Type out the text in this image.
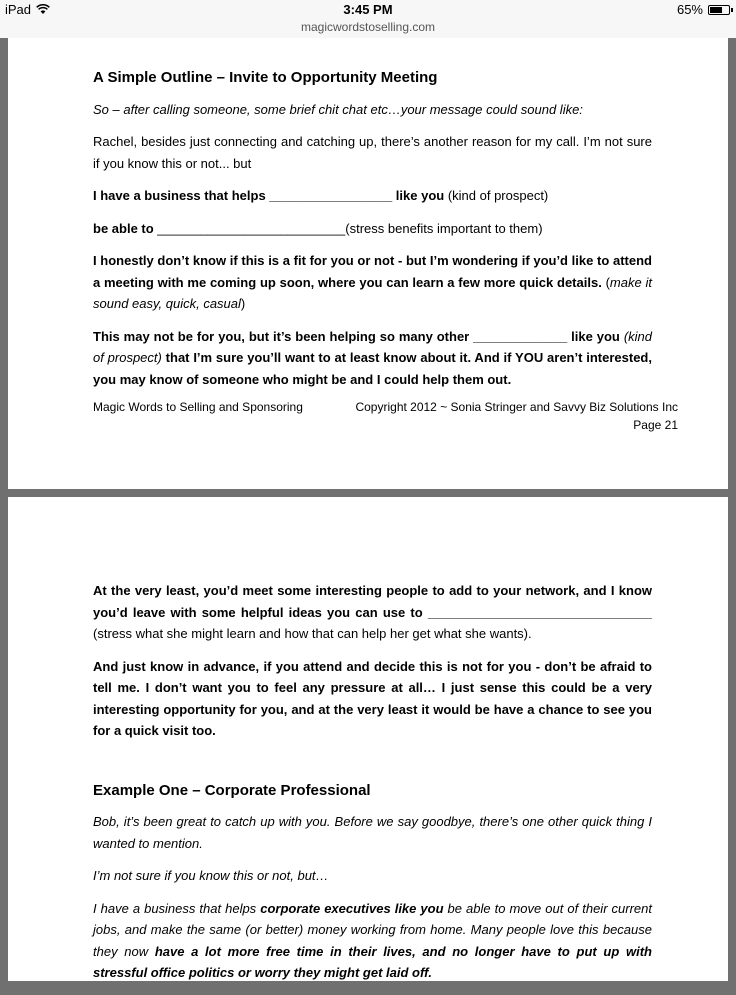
iPad	3:45 PM	65%
magicwordstoselling.com
A Simple Outline – Invite to Opportunity Meeting

So – after calling someone, some brief chit chat etc…your message could sound like:

Rachel, besides just connecting and catching up, there’s another reason for my call. I’m not sure if you know this or not... but

I have a business that helps _________________ like you (kind of prospect)

be able to __________________________(stress benefits important to them)

I honestly don’t know if this is a fit for you or not - but I’m wondering if you’d like to attend a meeting with me coming up soon, where you can learn a few more quick details. (make it sound easy, quick, casual)

This may not be for you, but it’s been helping so many other _____________ like you (kind of prospect) that I’m sure you’ll want to at least know about it. And if YOU aren’t interested, you may know of someone who might be and I could help them out.

Magic Words to Selling and Sponsoring	Copyright 2012 ~ Sonia Stringer and Savvy Biz Solutions Inc
Page 21

At the very least, you’d meet some interesting people to add to your network, and I know you’d leave with some helpful ideas you can use to _______________________________ (stress what she might learn and how that can help her get what she wants).

And just know in advance, if you attend and decide this is not for you - don’t be afraid to tell me. I don’t want you to feel any pressure at all… I just sense this could be a very interesting opportunity for you, and at the very least it would be have a chance to see you for a quick visit too.

Example One – Corporate Professional

Bob, it’s been great to catch up with you. Before we say goodbye, there’s one other quick thing I wanted to mention.

I’m not sure if you know this or not, but…

I have a business that helps corporate executives like you be able to move out of their current jobs, and make the same (or better) money working from home. Many people love this because they now have a lot more free time in their lives, and no longer have to put up with stressful office politics or worry they might get laid off.
